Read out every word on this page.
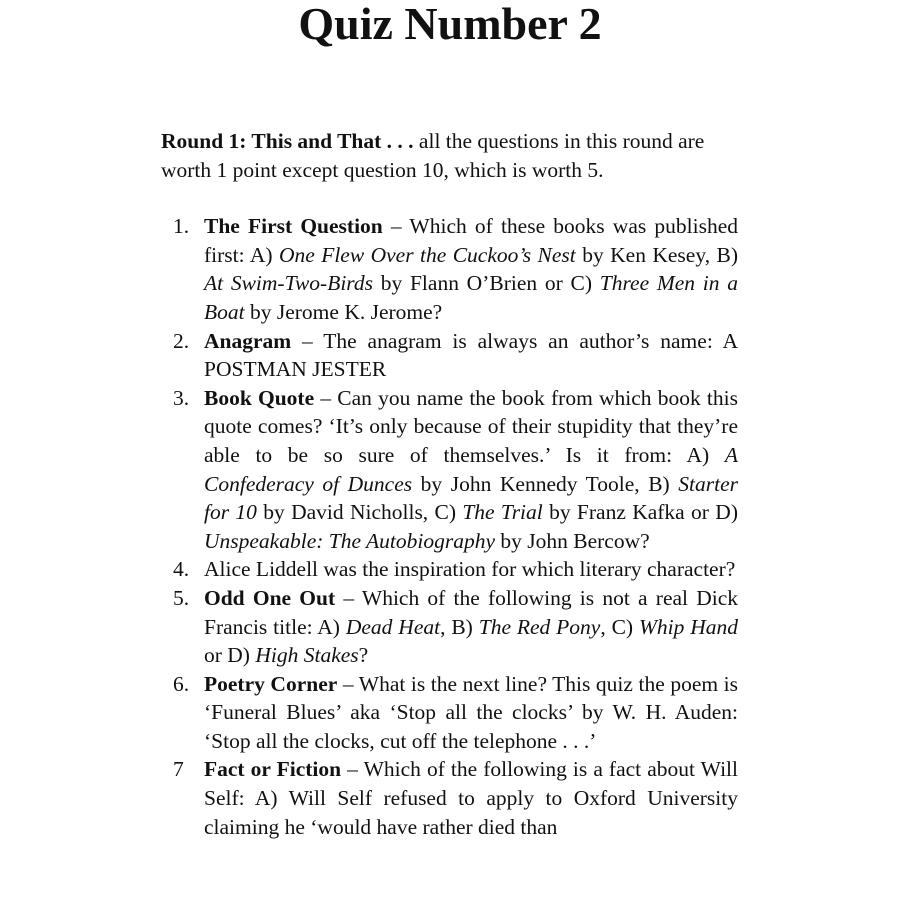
Quiz Number 2

Round 1: This and That . . . all the questions in this round are worth 1 point except question 10, which is worth 5.

1. The First Question – Which of these books was published first: A) One Flew Over the Cuckoo’s Nest by Ken Kesey, B) At Swim-Two-Birds by Flann O’Brien or C) Three Men in a Boat by Jerome K. Jerome?
2. Anagram – The anagram is always an author’s name: A POSTMAN JESTER
3. Book Quote – Can you name the book from which book this quote comes? ‘It’s only because of their stupidity that they’re able to be so sure of themselves.’ Is it from: A) A Confederacy of Dunces by John Kennedy Toole, B) Starter for 10 by David Nicholls, C) The Trial by Franz Kafka or D) Unspeakable: The Autobiography by John Bercow?
4. Alice Liddell was the inspiration for which literary character?
5. Odd One Out – Which of the following is not a real Dick Francis title: A) Dead Heat, B) The Red Pony, C) Whip Hand or D) High Stakes?
6. Poetry Corner – What is the next line? This quiz the poem is ‘Funeral Blues’ aka ‘Stop all the clocks’ by W. H. Auden: ‘Stop all the clocks, cut off the telephone . . .’
7 Fact or Fiction – Which of the following is a fact about Will Self: A) Will Self refused to apply to Oxford University claiming he ‘would have rather died than
